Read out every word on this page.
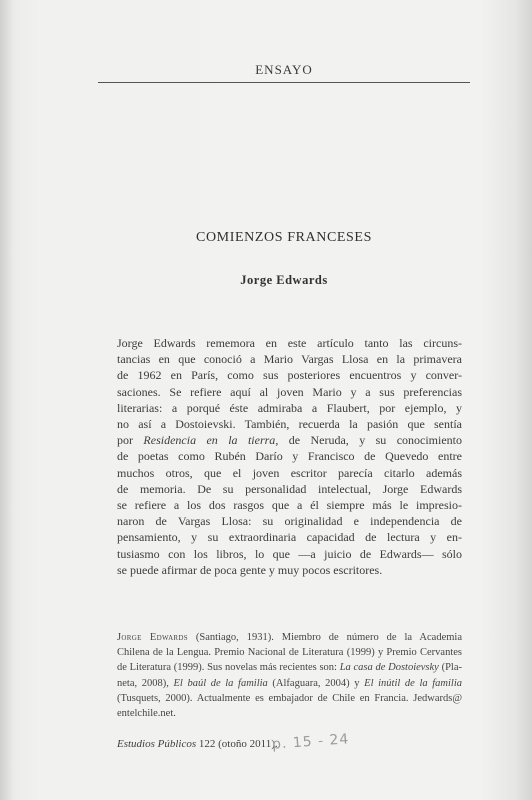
ENSAYO
COMIENZOS FRANCESES
Jorge Edwards
Jorge Edwards rememora en este artículo tanto las circuns-
tancias en que conoció a Mario Vargas Llosa en la primavera
de 1962 en París, como sus posteriores encuentros y conver-
saciones. Se refiere aquí al joven Mario y a sus preferencias
literarias: a porqué éste admiraba a Flaubert, por ejemplo, y
no así a Dostoievski. También, recuerda la pasión que sentía
por Residencia en la tierra, de Neruda, y su conocimiento
de poetas como Rubén Darío y Francisco de Quevedo entre
muchos otros, que el joven escritor parecía citarlo además
de memoria. De su personalidad intelectual, Jorge Edwards
se refiere a los dos rasgos que a él siempre más le impresio-
naron de Vargas Llosa: su originalidad e independencia de
pensamiento, y su extraordinaria capacidad de lectura y en-
tusiasmo con los libros, lo que —a juicio de Edwards— sólo
se puede afirmar de poca gente y muy pocos escritores.
Jorge Edwards (Santiago, 1931). Miembro de número de la Academia
Chilena de la Lengua. Premio Nacional de Literatura (1999) y Premio Cervantes
de Literatura (1999). Sus novelas más recientes son: La casa de Dostoievsky (Pla-
neta, 2008), El baúl de la familia (Alfaguara, 2004) y El inútil de la familia
(Tusquets, 2000). Actualmente es embajador de Chile en Francia. Jedwards@
entelchile.net.
Estudios Públicos 122 (otoño 2011).
p. 15 - 24
